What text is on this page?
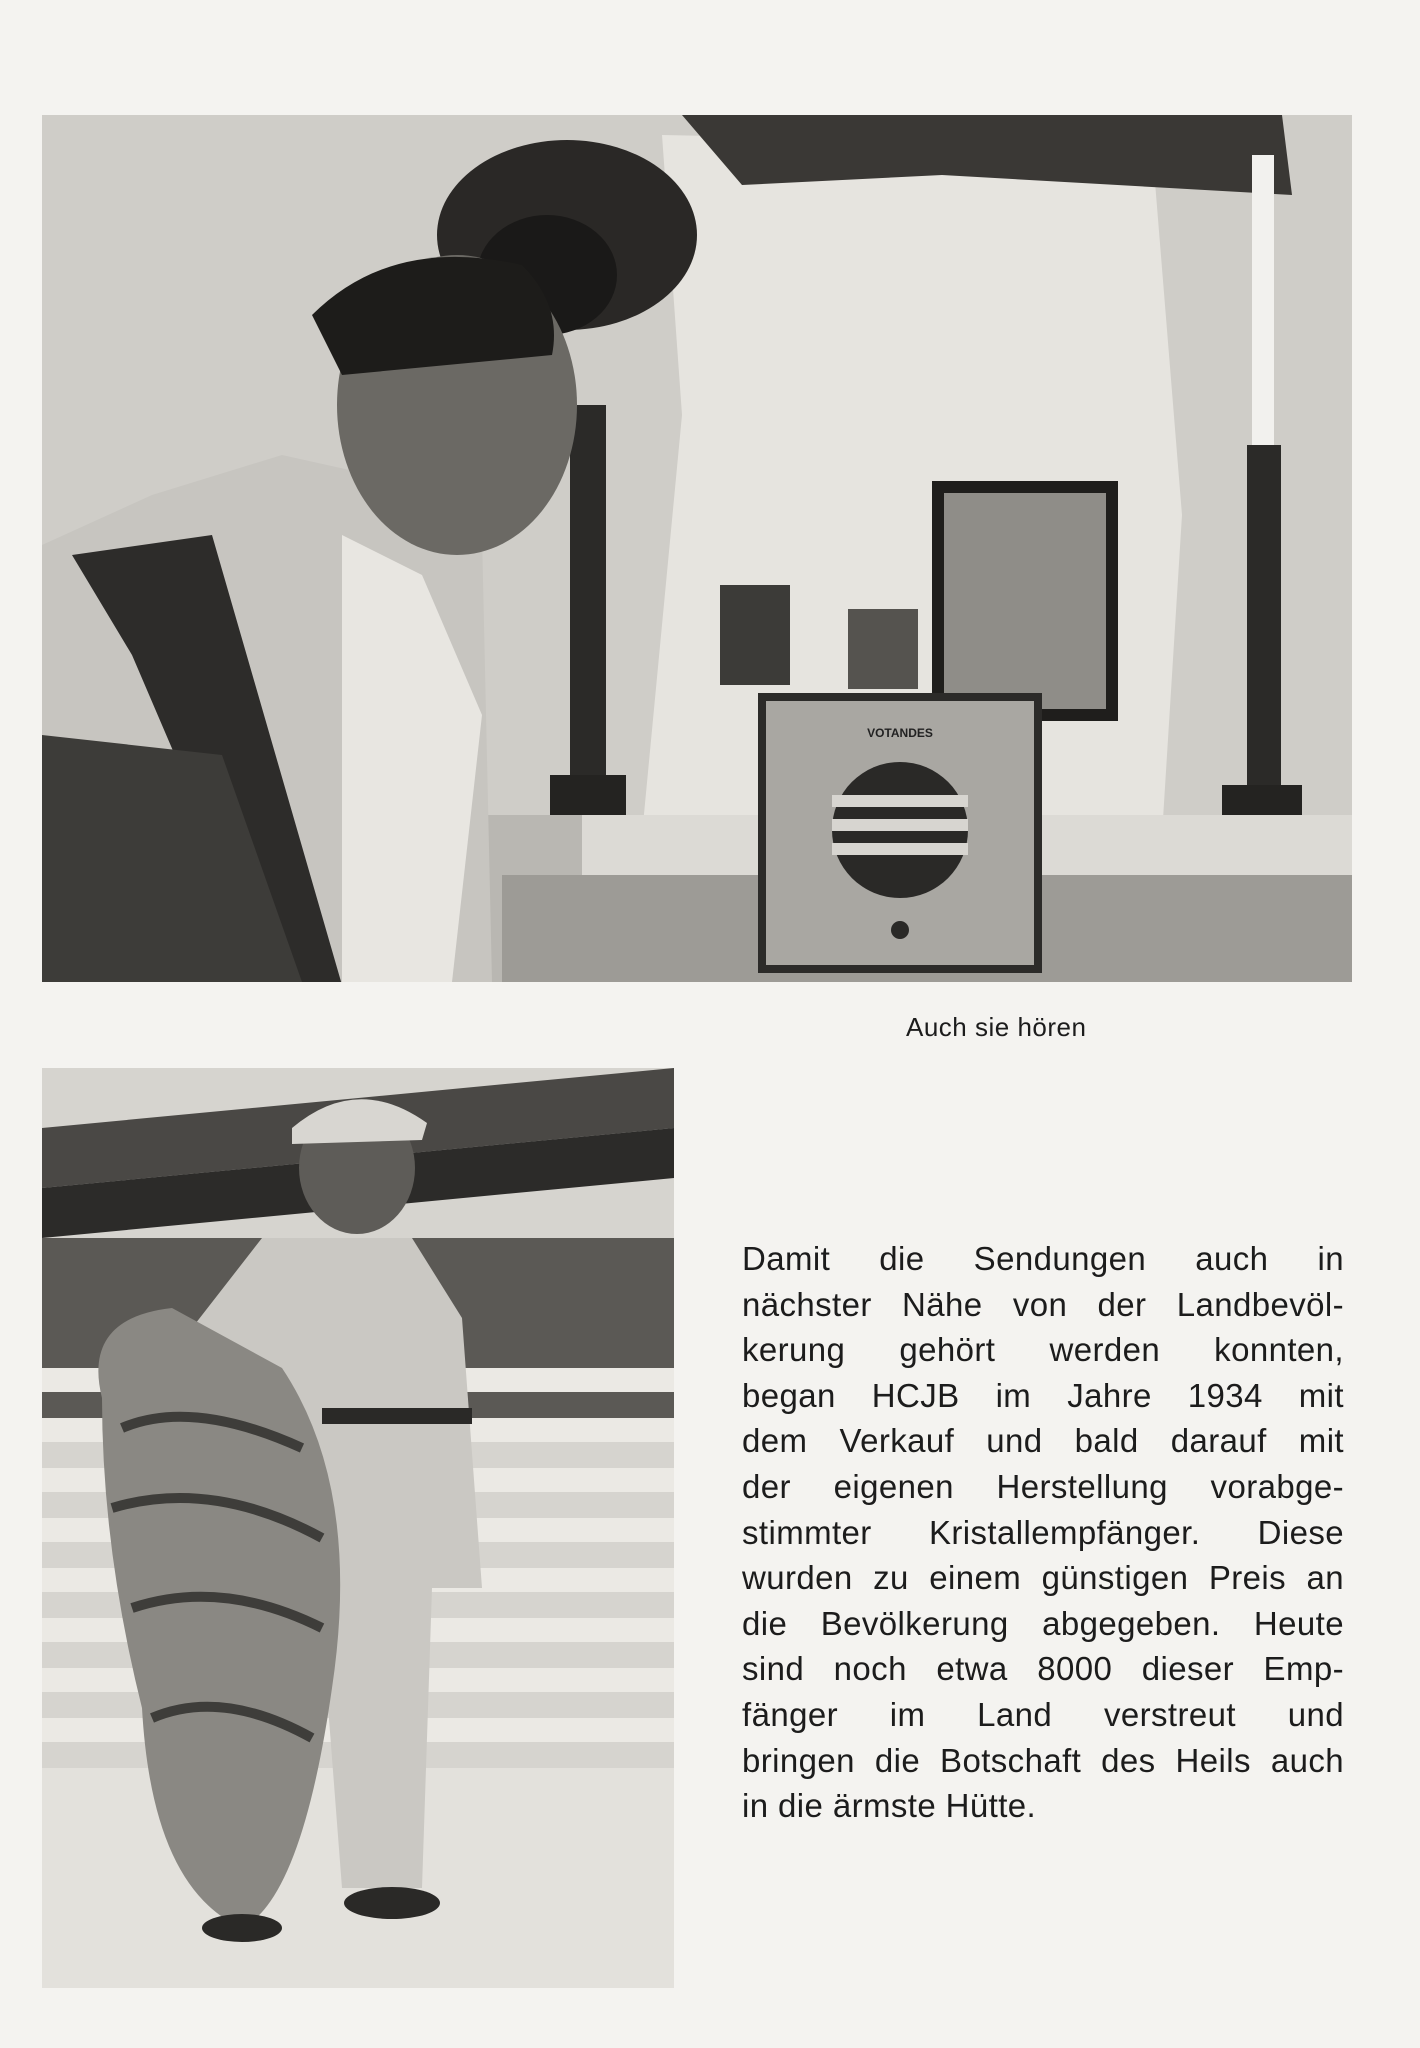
VOTANDES
Auch sie hören

Damit die Sendungen auch in
nächster Nähe von der Landbevöl-
kerung gehört werden konnten,
began HCJB im Jahre 1934 mit
dem Verkauf und bald darauf mit
der eigenen Herstellung vorabge-
stimmter Kristallempfänger. Diese
wurden zu einem günstigen Preis an
die Bevölkerung abgegeben. Heute
sind noch etwa 8000 dieser Emp-
fänger im Land verstreut und
bringen die Botschaft des Heils auch
in die ärmste Hütte.
